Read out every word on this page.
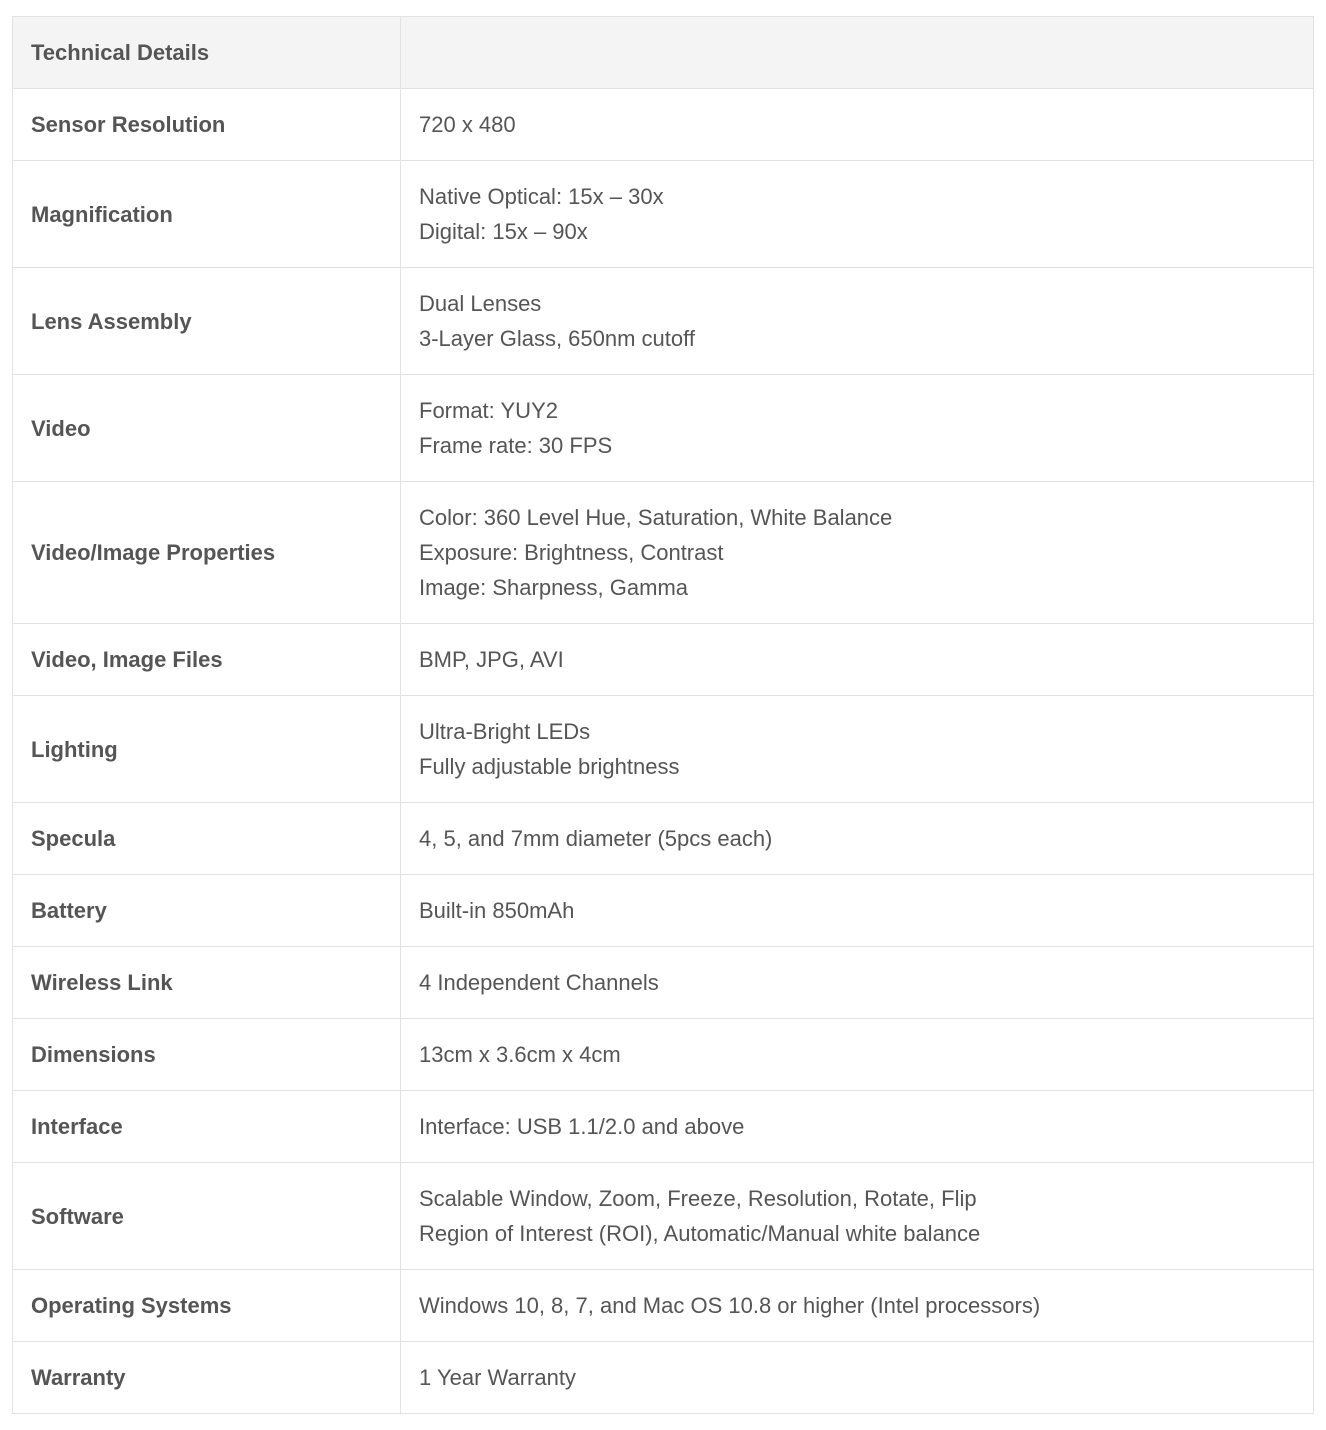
Technical Details	
Sensor Resolution	720 x 480

Magnification	Native Optical: 15x – 30x
Digital: 15x – 90x

Lens Assembly	Dual Lenses
3-Layer Glass, 650nm cutoff

Video	Format: YUY2
Frame rate: 30 FPS

Video/Image Properties	Color: 360 Level Hue, Saturation, White Balance
Exposure: Brightness, Contrast
Image: Sharpness, Gamma

Video, Image Files	BMP, JPG, AVI

Lighting	Ultra-Bright LEDs
Fully adjustable brightness

Specula	4, 5, and 7mm diameter (5pcs each)

Battery	Built-in 850mAh

Wireless Link	4 Independent Channels

Dimensions	13cm x 3.6cm x 4cm

Interface	Interface: USB 1.1/2.0 and above

Software	Scalable Window, Zoom, Freeze, Resolution, Rotate, Flip
Region of Interest (ROI), Automatic/Manual white balance

Operating Systems	Windows 10, 8, 7, and Mac OS 10.8 or higher (Intel processors)

Warranty	1 Year Warranty
